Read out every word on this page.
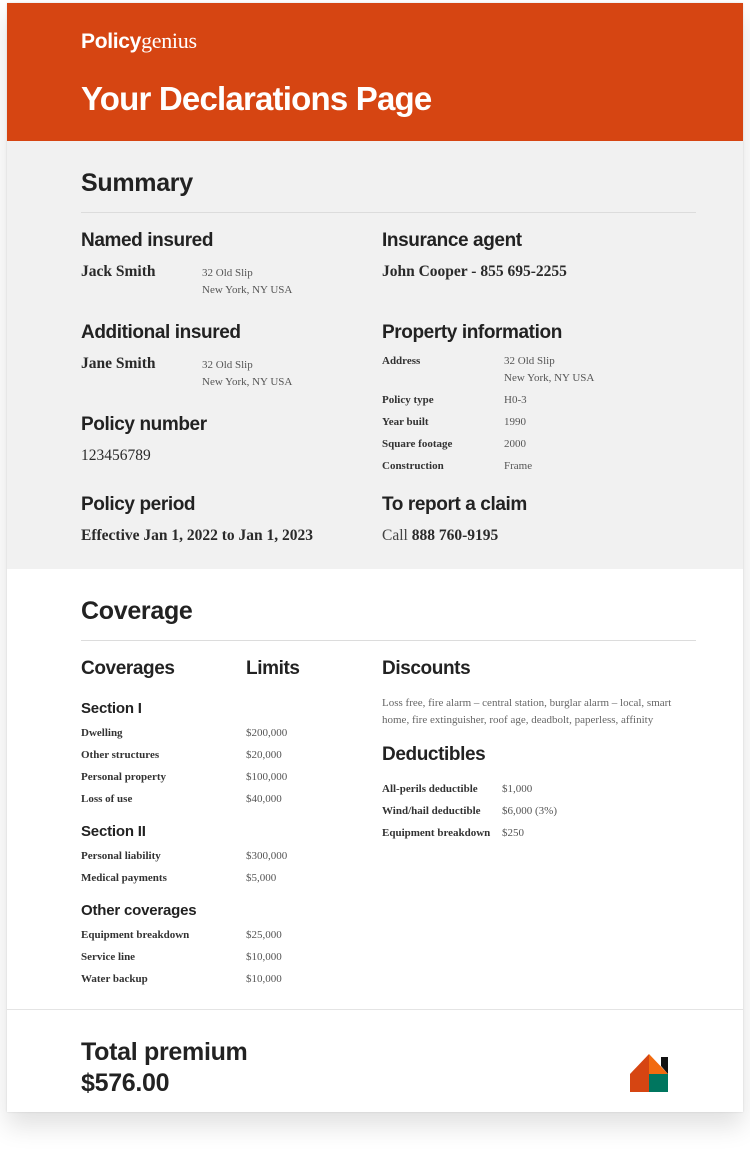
Policygenius
Your Declarations Page
Summary
Named insured
Jack Smith	32 Old Slip
New York, NY USA
Additional insured
Jane Smith	32 Old Slip
New York, NY USA
Policy number
123456789
Policy period
Effective Jan 1, 2022 to Jan 1, 2023
Insurance agent
John Cooper - 855 695-2255
Property information
Address	32 Old Slip
New York, NY USA
Policy type	H0-3
Year built	1990
Square footage	2000
Construction	Frame
To report a claim
Call 888 760-9195
Coverage
Coverages	Limits
Section I
Dwelling	$200,000
Other structures	$20,000
Personal property	$100,000
Loss of use	$40,000
Section II
Personal liability	$300,000
Medical payments	$5,000
Other coverages
Equipment breakdown	$25,000
Service line	$10,000
Water backup	$10,000
Discounts
Loss free, fire alarm – central station, burglar alarm – local, smart home, fire extinguisher, roof age, deadbolt, paperless, affinity
Deductibles
All-perils deductible $1,000
Wind/hail deductible $6,000 (3%)
Equipment breakdown $250
Total premium
$576.00
